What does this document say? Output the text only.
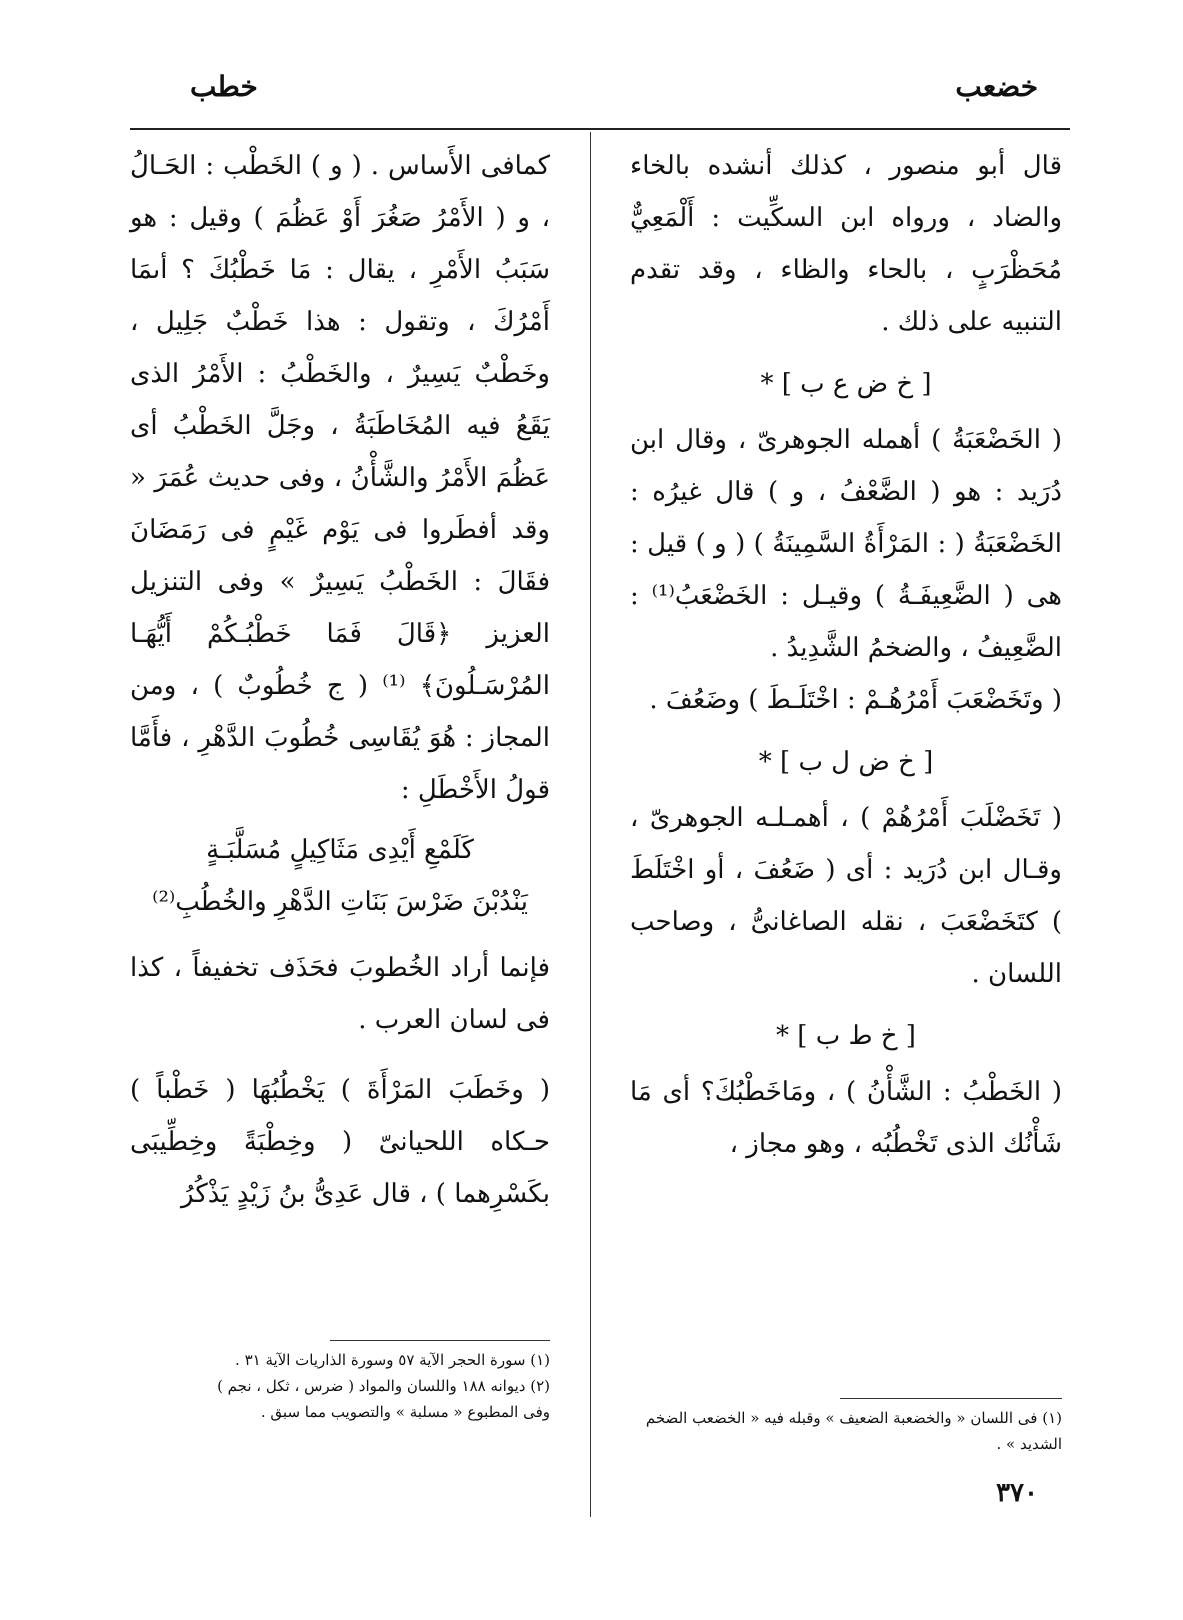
خضعب
خطب

قال أبو منصور ، كذلك أنشده بالخاء والضاد ، ورواه ابن السكِّيت : أَلْمَعِيٌّ مُحَظْرَبٍ ، بالحاء والظاء ، وقد تقدم التنبيه على ذلك .

[ خ ض ع ب ] *

( الخَضْعَبَةُ ) أهمله الجوهرىّ ، وقال ابن دُرَيد : هو ( الضَّعْفُ ، و ) قال غيرُه : الخَضْعَبَةُ ( : المَرْأَةُ السَّمِينَةُ ) ( و ) قيل : هى ( الضَّعِيفَـةُ ) وقيـل : الخَضْعَبُ⁽¹⁾ : الضَّعِيفُ ، والضخمُ الشَّدِيدُ .

( وتَخَضْعَبَ أَمْرُهُـمْ : اخْتَلَـطَ ) وضَعُفَ .

[ خ ض ل ب ] *

( تَخَضْلَبَ أَمْرُهُمْ ) ، أهمـلـه الجوهرىّ ، وقـال ابن دُرَيد : أى ( ضَعُفَ ، أو اخْتَلَطَ ) كتَخَضْعَبَ ، نقله الصاغانىُّ ، وصاحب اللسان .

[ خ ط ب ] *

( الخَطْبُ : الشَّأْنُ ) ، ومَاخَطْبُكَ؟ أى مَا شَأْنُك الذى تَخْطُبُه ، وهو مجاز ،

كمافى الأَساس . ( و ) الخَطْب : الحَـالُ ، و ( الأَمْرُ صَغُرَ أَوْ عَظُمَ ) وقيل : هو سَبَبُ الأَمْرِ ، يقال : مَا خَطْبُكَ ؟ أىمَا أَمْرُكَ ، وتقول : هذا خَطْبٌ جَلِيل ، وخَطْبٌ يَسِيرٌ ، والخَطْبُ : الأَمْرُ الذى يَقَعُ فيه المُخَاطَبَةُ ، وجَلَّ الخَطْبُ أى عَظُمَ الأَمْرُ والشَّأْنُ ، وفى حديث عُمَرَ « وقد أفطَروا فى يَوْم غَيْمٍ فى رَمَضَانَ فقَالَ : الخَطْبُ يَسِيرٌ » وفى التنزيل العزيز ﴿قَالَ فَمَا خَطْبُـكُمْ أَيُّهَـا المُرْسَـلُونَ﴾ ⁽¹⁾ ( ج خُطُوبٌ ) ، ومن المجاز : هُوَ يُقَاسِى خُطُوبَ الدَّهْرِ ، فأَمَّا قولُ الأَخْطَلِ :

كَلَمْعِ أَيْدِى مَثَاكِيلٍ مُسَلَّبَـةٍ
يَنْدُبْنَ ضَرْسَ بَنَاتِ الدَّهْرِ والخُطُبِ⁽²⁾

فإنما أراد الخُطوبَ فحَذَف تخفيفاً ، كذا فى لسان العرب .

( وخَطَبَ المَرْأَةَ ) يَخْطُبُهَا ( خَطْباً ) حـكاه اللحيانىّ ( وخِطْبَةً وخِطِّيبَى بكَسْرِهما ) ، قال عَدِىُّ بنُ زَيْدٍ يَذْكُرُ

(١) سورة الحجر الآية ٥٧ وسورة الذاريات الآية ٣١ .

(٢) ديوانه ١٨٨ واللسان والمواد ( ضرس ، ثكل ، نجم )

وفى المطبوع « مسلبة » والتصويب مما سبق .	(١) فى اللسان « والخضعبة الضعيف » وقبله فيه « الخضعب الضخم الشديد » .

٣٧٠
